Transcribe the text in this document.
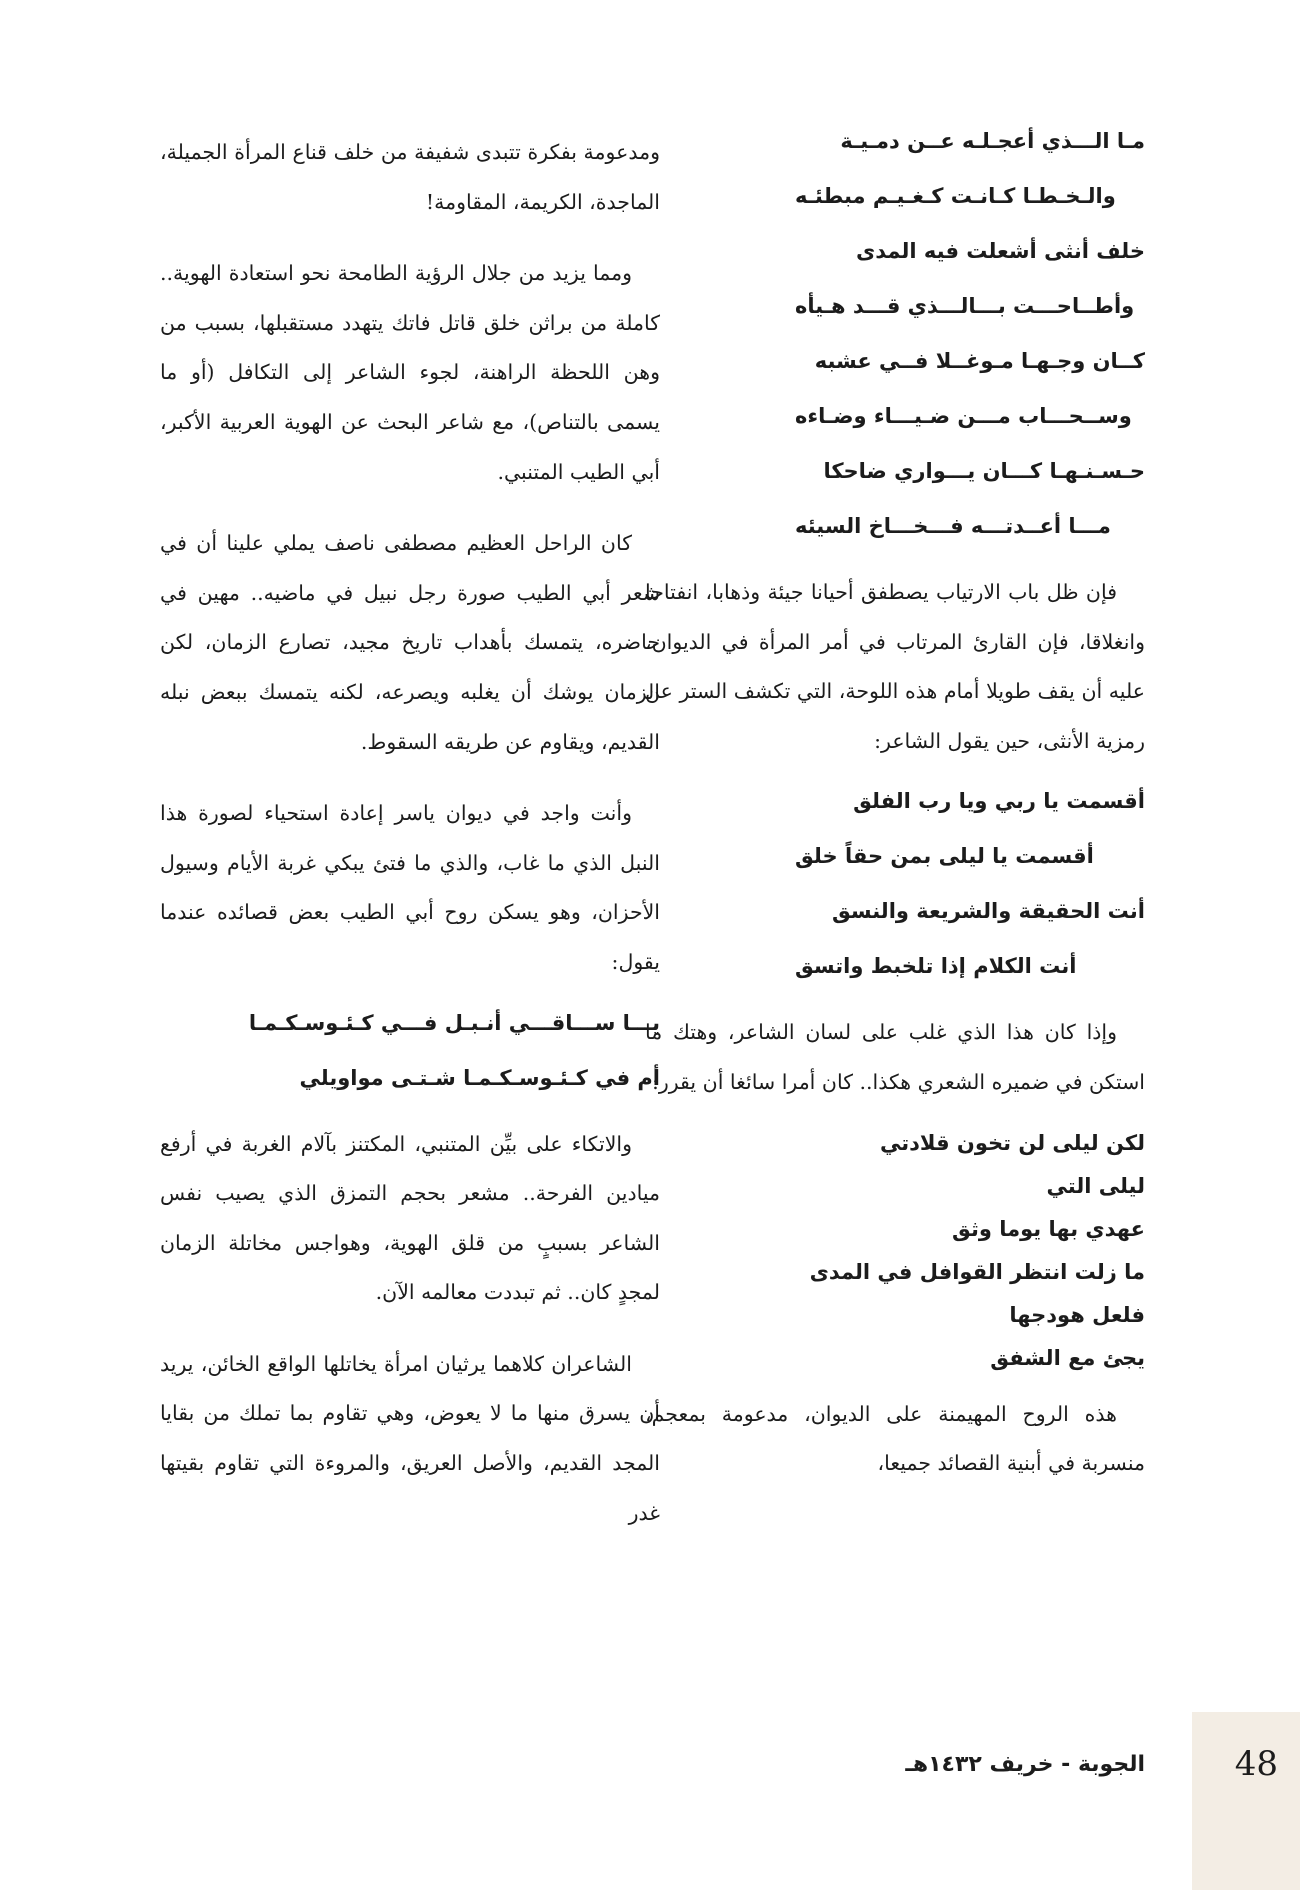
مـا الـــذي أعجـلـه عــن دمـيـة
والـخـطـا كـانـت كـغـيـم مبطئـه
خلف أنثى أشعلت فيه المدى
وأطــاحـــت بـــالـــذي قـــد هـيأه
كــان وجـهـا مـوغــلا فــي عشبه
وســحـــاب مـــن ضـيـــاء وضـاءه
حـسـنـهـا كـــان يـــواري ضاحكا
مـــا أعــدتـــه فـــخـــاخ السيئه

فإن ظل باب الارتياب يصطفق أحيانا جيئة وذهابا، انفتاحا وانغلاقا، فإن القارئ المرتاب في أمر المرأة في الديوان، عليه أن يقف طويلا أمام هذه اللوحة، التي تكشف الستر عن رمزية الأنثى، حين يقول الشاعر:

أقسمت يا ربي ويا رب الفلق
أقسمت يا ليلى بمن حقاً خلق
أنت الحقيقة والشريعة والنسق
أنت الكلام إذا تلخبط واتسق

وإذا كان هذا الذي غلب على لسان الشاعر، وهتك ما استكن في ضميره الشعري هكذا.. كان أمرا سائغا أن يقرر:

لكن ليلى لن تخون قلادتي
ليلى التي
عهدي بها يوما وثق
ما زلت انتظر القوافل في المدى
فلعل هودجها
يجئ مع الشفق

هذه الروح المهيمنة على الديوان، مدعومة بمعجم، منسربة في أبنية القصائد جميعا،

ومدعومة بفكرة تتبدى شفيفة من خلف قناع المرأة الجميلة، الماجدة، الكريمة، المقاومة!

ومما يزيد من جلال الرؤية الطامحة نحو استعادة الهوية.. كاملة من براثن خلق قاتل فاتك يتهدد مستقبلها، بسبب من وهن اللحظة الراهنة، لجوء الشاعر إلى التكافل (أو ما يسمى بالتناص)، مع شاعر البحث عن الهوية العربية الأكبر، أبي الطيب المتنبي.

كان الراحل العظيم مصطفى ناصف يملي علينا أن في شعر أبي الطيب صورة رجل نبيل في ماضيه.. مهين في حاضره، يتمسك بأهداب تاريخ مجيد، تصارع الزمان، لكن الزمان يوشك أن يغلبه ويصرعه، لكنه يتمسك ببعض نبله القديم، ويقاوم عن طريقه السقوط.

وأنت واجد في ديوان ياسر إعادة استحياء لصورة هذا النبل الذي ما غاب، والذي ما فتئ يبكي غربة الأيام وسيول الأحزان، وهو يسكن روح أبي الطيب بعض قصائده عندما يقول:

يـــا ســـاقـــي أنـبـل فـــي كـئـوسـكـمـا
أم في كـئـوسـكـمـا شـتـى مواويلي

والاتكاء على بيِّن المتنبي، المكتنز بآلام الغربة في أرفع ميادين الفرحة.. مشعر بحجم التمزق الذي يصيب نفس الشاعر بسببٍ من قلق الهوية، وهواجس مخاتلة الزمان لمجدٍ كان.. ثم تبددت معالمه الآن.

الشاعران كلاهما يرثيان امرأة يخاتلها الواقع الخائن، يريد أن يسرق منها ما لا يعوض، وهي تقاوم بما تملك من بقايا المجد القديم، والأصل العريق، والمروءة التي تقاوم بقيتها غدر

48
الجوبة - خريف ١٤٣٢هـ
